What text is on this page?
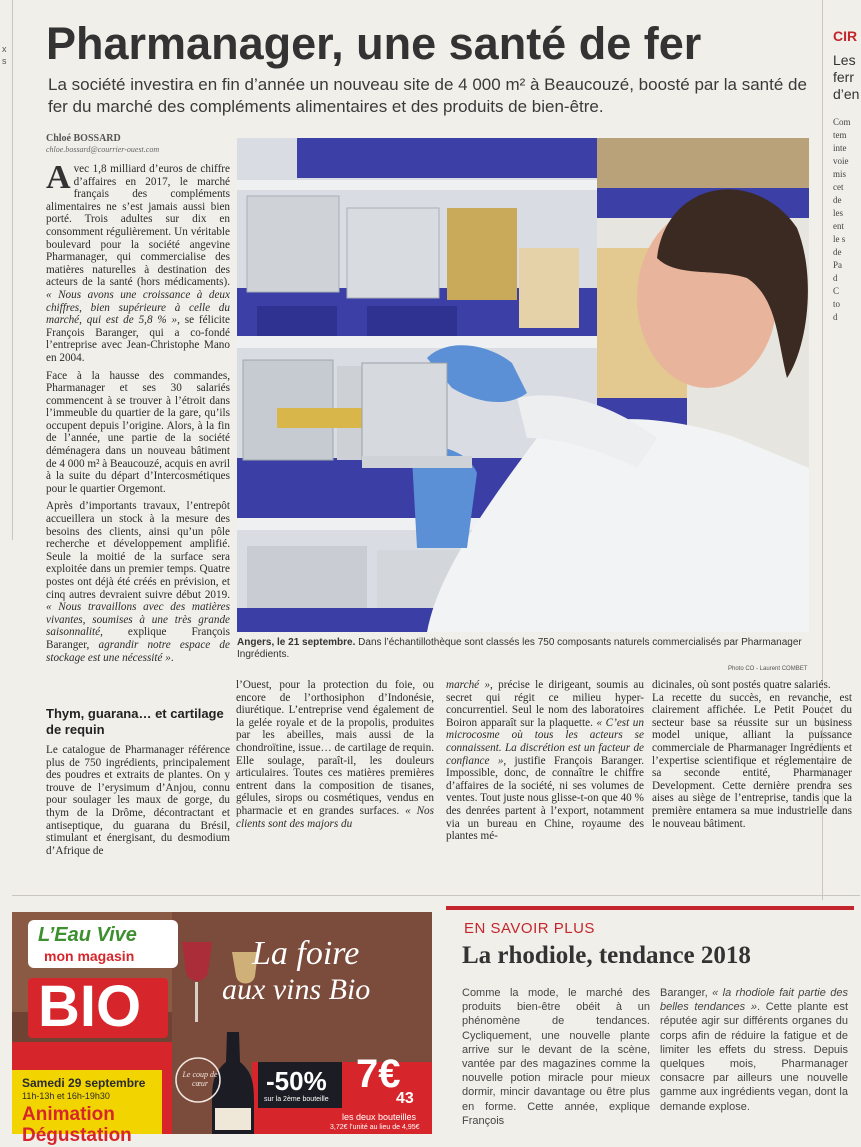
x
s
CIR
Les
ferr
d’en
Com
tem
inte
voie
mis
cet
de
les
ent
le s
de
Pa
d
C
to
d
Pharmanager, une santé de fer
La société investira en fin d’année un nouveau site de 4 000 m² à Beaucouzé, boosté par la santé de fer du marché des compléments alimentaires et des produits de bien-être.
Chloé BOSSARD
chloe.bossard@courrier-ouest.com

Avec 1,8 milliard d’euros de chiffre d’affaires en 2017, le marché français des compléments alimentaires ne s’est jamais aussi bien porté. Trois adultes sur dix en consomment régulièrement. Un véritable boulevard pour la société angevine Pharmanager, qui commercialise des matières naturelles à destination des acteurs de la santé (hors médicaments). « Nous avons une croissance à deux chiffres, bien supérieure à celle du marché, qui est de 5,8 % », se félicite François Baranger, qui a co-fondé l’entreprise avec Jean-Christophe Mano en 2004.

Face à la hausse des commandes, Pharmanager et ses 30 salariés commencent à se trouver à l’étroit dans l’immeuble du quartier de la gare, qu’ils occupent depuis l’origine. Alors, à la fin de l’année, une partie de la société déménagera dans un nouveau bâtiment de 4 000 m² à Beaucouzé, acquis en avril à la suite du départ d’Intercosmétiques pour le quartier Orgemont.

Après d’importants travaux, l’entrepôt accueillera un stock à la mesure des besoins des clients, ainsi qu’un pôle recherche et développement amplifié. Seule la moitié de la surface sera exploitée dans un premier temps. Quatre postes ont déjà été créés en prévision, et cinq autres devraient suivre début 2019. « Nous travaillons avec des matières vivantes, soumises à une très grande saisonnalité, explique François Baranger, agrandir notre espace de stockage est une nécessité ».

Angers, le 21 septembre. Dans l’échantillothèque sont classés les 750 composants naturels commercialisés par Pharmanager Ingrédients.
Photo CO - Laurent COMBET
Thym, guarana… et cartilage de requin
Le catalogue de Pharmanager référence plus de 750 ingrédients, principalement des poudres et extraits de plantes. On y trouve de l’erysimum d’Anjou, connu pour soulager les maux de gorge, du thym de la Drôme, décontractant et antiseptique, du guarana du Brésil, stimulant et énergisant, du desmodium d’Afrique de
l’Ouest, pour la protection du foie, ou encore de l’orthosiphon d’Indonésie, diurétique. L’entreprise vend également de la gelée royale et de la propolis, produites par les abeilles, mais aussi de la chondroïtine, issue… de cartilage de requin. Elle soulage, paraît-il, les douleurs articulaires. Toutes ces matières premières entrent dans la composition de tisanes, gélules, sirops ou cosmétiques, vendus en pharmacie et en grandes surfaces. « Nos clients sont des majors du
marché », précise le dirigeant, soumis au secret qui régit ce milieu hyper-concurrentiel. Seul le nom des laboratoires Boiron apparaît sur la plaquette. « C’est un microcosme où tous les acteurs se connaissent. La discrétion est un facteur de confiance », justifie François Baranger. Impossible, donc, de connaître le chiffre d’affaires de la société, ni ses volumes de ventes. Tout juste nous glisse-t-on que 40 % des denrées partent à l’export, notamment via un bureau en Chine, royaume des plantes mé-
dicinales, où sont postés quatre salariés.
La recette du succès, en revanche, est clairement affichée. Le Petit Poucet du secteur base sa réussite sur un business model unique, alliant la puissance commerciale de Pharmanager Ingrédients et l’expertise scientifique et réglementaire de sa seconde entité, Pharmanager Development. Cette dernière prendra ses aises au siège de l’entreprise, tandis que la première entamera sa mue industrielle dans le nouveau bâtiment.
L’Eau Vive
mon magasin
BIO
La foire
aux vins Bio
Le coup de cœur	-50%
sur la 2ème bouteille
7€
43
les deux bouteilles
3,72€ l’unité au lieu de 4,95€
Samedi 29 septembre
11h-13h et 16h-19h30
Animation
Dégustation
EN SAVOIR PLUS
La rhodiole, tendance 2018
Comme la mode, le marché des produits bien-être obéit à un phénomène de tendances. Cycliquement, une nouvelle plante arrive sur le devant de la scène, vantée par des magazines comme la nouvelle potion miracle pour mieux dormir, mincir davantage ou être plus en forme. Cette année, explique François
Baranger, « la rhodiole fait partie des belles tendances ». Cette plante est réputée agir sur différents organes du corps afin de réduire la fatigue et de limiter les effets du stress. Depuis quelques mois, Pharmanager consacre par ailleurs une nouvelle gamme aux ingrédients vegan, dont la demande explose.
